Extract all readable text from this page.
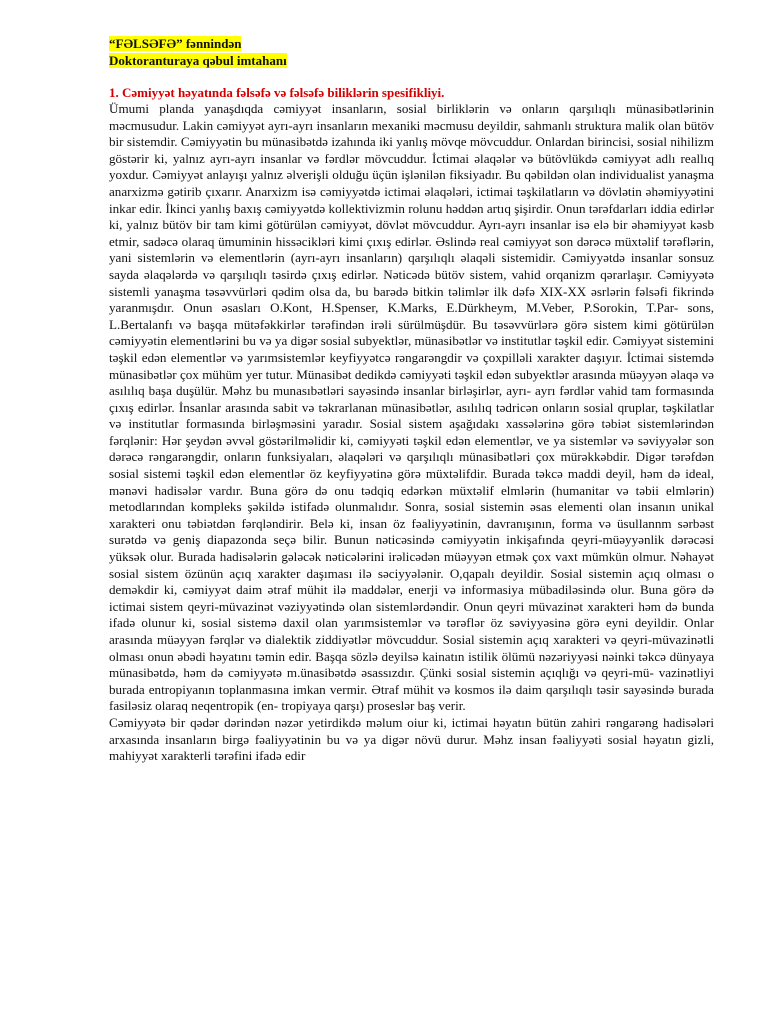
“FƏLSƏFƏ” fənnindən
Doktoranturaya qəbul imtahanı
1. Cəmiyyət həyatında fəlsəfə və fəlsəfə biliklərin spesifikliyi.

Ümumi planda yanaşdıqda cəmiyyət insanların, sosial birliklərin və onların qarşılıqlı münasibətlərinin məcmusudur. Lakin cəmiyyət ayrı-ayrı insanların mexaniki məcmusu deyildir, sahmanlı struktura malik olan bütöv bir sistemdir. Cəmiyyətin bu münasibətdə izahında iki yanlış mövqe mövcuddur. Onlardan birincisi, sosial nihilizm göstərir ki, yalnız ayrı-ayrı insanlar və fərdlər mövcuddur. İctimai əlaqələr və bütövlükdə cəmiyyət adlı reallıq yoxdur. Cəmiyyət anlayışı yalnız əlverişli olduğu üçün işlənilən fiksiyadır. Bu qəbildən olan individualist yanaşma anarxizmə gətirib çıxarır. Anarxizm isə cəmiyyətdə ictimai əlaqələri, ictimai təşkilatların və dövlətin əhəmiyyətini inkar edir. İkinci yanlış baxış cəmiyyətdə kollektivizmin rolunu həddən artıq şişirdir. Onun tərəfdarları iddia edirlər ki, yalnız bütöv bir tam kimi götürülən cəmiyyət, dövlət mövcuddur. Ayrı-ayrı insanlar isə elə bir əhəmiyyət kəsb etmir, sadəcə olaraq ümuminin hissəcikləri kimi çıxış edirlər. Əslində real cəmiyyət son dərəcə müxtəlif tərəflərin, yani sistemlərin və elementlərin (ayrı-ayrı insanların) qarşılıqlı əlaqəli sistemidir. Cəmiyyətdə insanlar sonsuz sayda əlaqələrdə və qarşılıqlı təsirdə çıxış edirlər. Nəticədə bütöv sistem, vahid orqanizm qərarlaşır. Cəmiyyətə sistemli yanaşma təsəvvürləri qədim olsa da, bu barədə bitkin təlimlər ilk dəfə XIX-XX əsrlərin fəlsəfi fikrində yaranmışdır. Onun əsasları O.Kont, H.Spenser, K.Marks, E.Dürkheym, M.Veber, P.Sorokin, T.Par- sons, L.Bertalanfı və başqa mütəfəkkirlər tərəfindən irəli sürülmüşdür. Bu təsəvvürlərə görə sistem kimi götürülən cəmiyyətin elementlərini bu və ya digər sosial subyektlər, münasibətlər və institutlar təşkil edir. Cəmiyyət sistemini təşkil edən elementlər və yarımsistemlər keyfiyyətcə rəngarəngdir və çoxpilləli xarakter daşıyır. İctimai sistemdə münasibətlər çox mühüm yer tutur. Münasibət dedikdə cəmiyyəti təşkil edən subyektlər arasında müəyyən əlaqə və asılılıq başa duşülür. Məhz bu munasıbətləri sayəsində insanlar birləşirlər, ayrı- ayrı fərdlər vahid tam formasında çıxış edirlər. İnsanlar arasında sabit və təkrarlanan münasibətlər, asılılıq tədricən onların sosial qruplar, təşkilatlar və institutlar formasında birləşməsini yaradır. Sosial sistem aşağıdakı xassələrinə görə təbiət sistemlərindən fərqlənir: Hər şeydən əvvəl göstərilməlidir ki, cəmiyyəti təşkil edən elementlər, ve ya sistemlər və səviyyələr son dərəcə rəngarəngdir, onların funksiyaları, əlaqələri və qarşılıqlı münasibətləri çox mürəkkəbdir. Digər tərəfdən sosial sistemi təşkil edən elementlər öz keyfiyyətinə görə müxtəlifdir. Burada təkcə maddi deyil, həm də ideal, mənəvi hadisələr vardır. Buna görə də onu tədqiq edərkən müxtəlif elmlərin (humanitar və təbii elmlərin) metodlarından kompleks şəkildə istifadə olunmalıdır. Sonra, sosial sistemin əsas elementi olan insanın unikal xarakteri onu təbiətdən fərqləndirir. Belə ki, insan öz fəaliyyətinin, davranışının, forma və üsullannm sərbəst surətdə və geniş diapazonda seçə bilir. Bunun nəticəsində cəmiyyətin inkişafında qeyri-müəyyənlik dərəcəsi yüksək olur. Burada hadisələrin gələcək nəticələrini irəlicədən müəyyən etmək çox vaxt mümkün olmur. Nəhayət sosial sistem özünün açıq xarakter daşıması ilə səciyyələnir. O,qapalı deyildir. Sosial sistemin açıq olması o deməkdir ki, cəmiyyət daim ətraf mühit ilə maddələr, enerji və informasiya mübadiləsində olur. Buna görə də ictimai sistem qeyri-müvazinət vəziyyətində olan sistemlərdəndir. Onun qeyri müvazinət xarakteri həm də bunda ifadə olunur ki, sosial sistemə daxil olan yarımsistemlər və tərəflər öz səviyyəsinə görə eyni deyildir. Onlar arasında müəyyən fərqlər və dialektik ziddiyətlər mövcuddur. Sosial sistemin açıq xarakteri və qeyri-müvazinətli olması onun əbədi həyatını təmin edir. Başqa sözlə deyilsə kainatın istilik ölümü nəzəriyyəsi nəinki təkcə dünyaya münasibətdə, həm də cəmiyyətə m.ünasibətdə əsassızdır. Çünki sosial sistemin açıqlığı və qeyri-mü- vazinətliyi burada entropiyanın toplanmasına imkan vermir. Ətraf mühit və kosmos ilə daim qarşılıqlı təsir sayəsində burada fasiləsiz olaraq neqentropik (en- tropiyaya qarşı) proseslər baş verir.

Cəmiyyətə bir qədər dərindən nəzər yetirdikdə məlum oiur ki, ictimai həyatın bütün zahiri rəngarəng hadisələri arxasında insanların birgə fəaliyyətinin bu və ya digər növü durur. Məhz insan fəaliyyəti sosial həyatın gizli, mahiyyət xarakterli tərəfini ifadə edir
